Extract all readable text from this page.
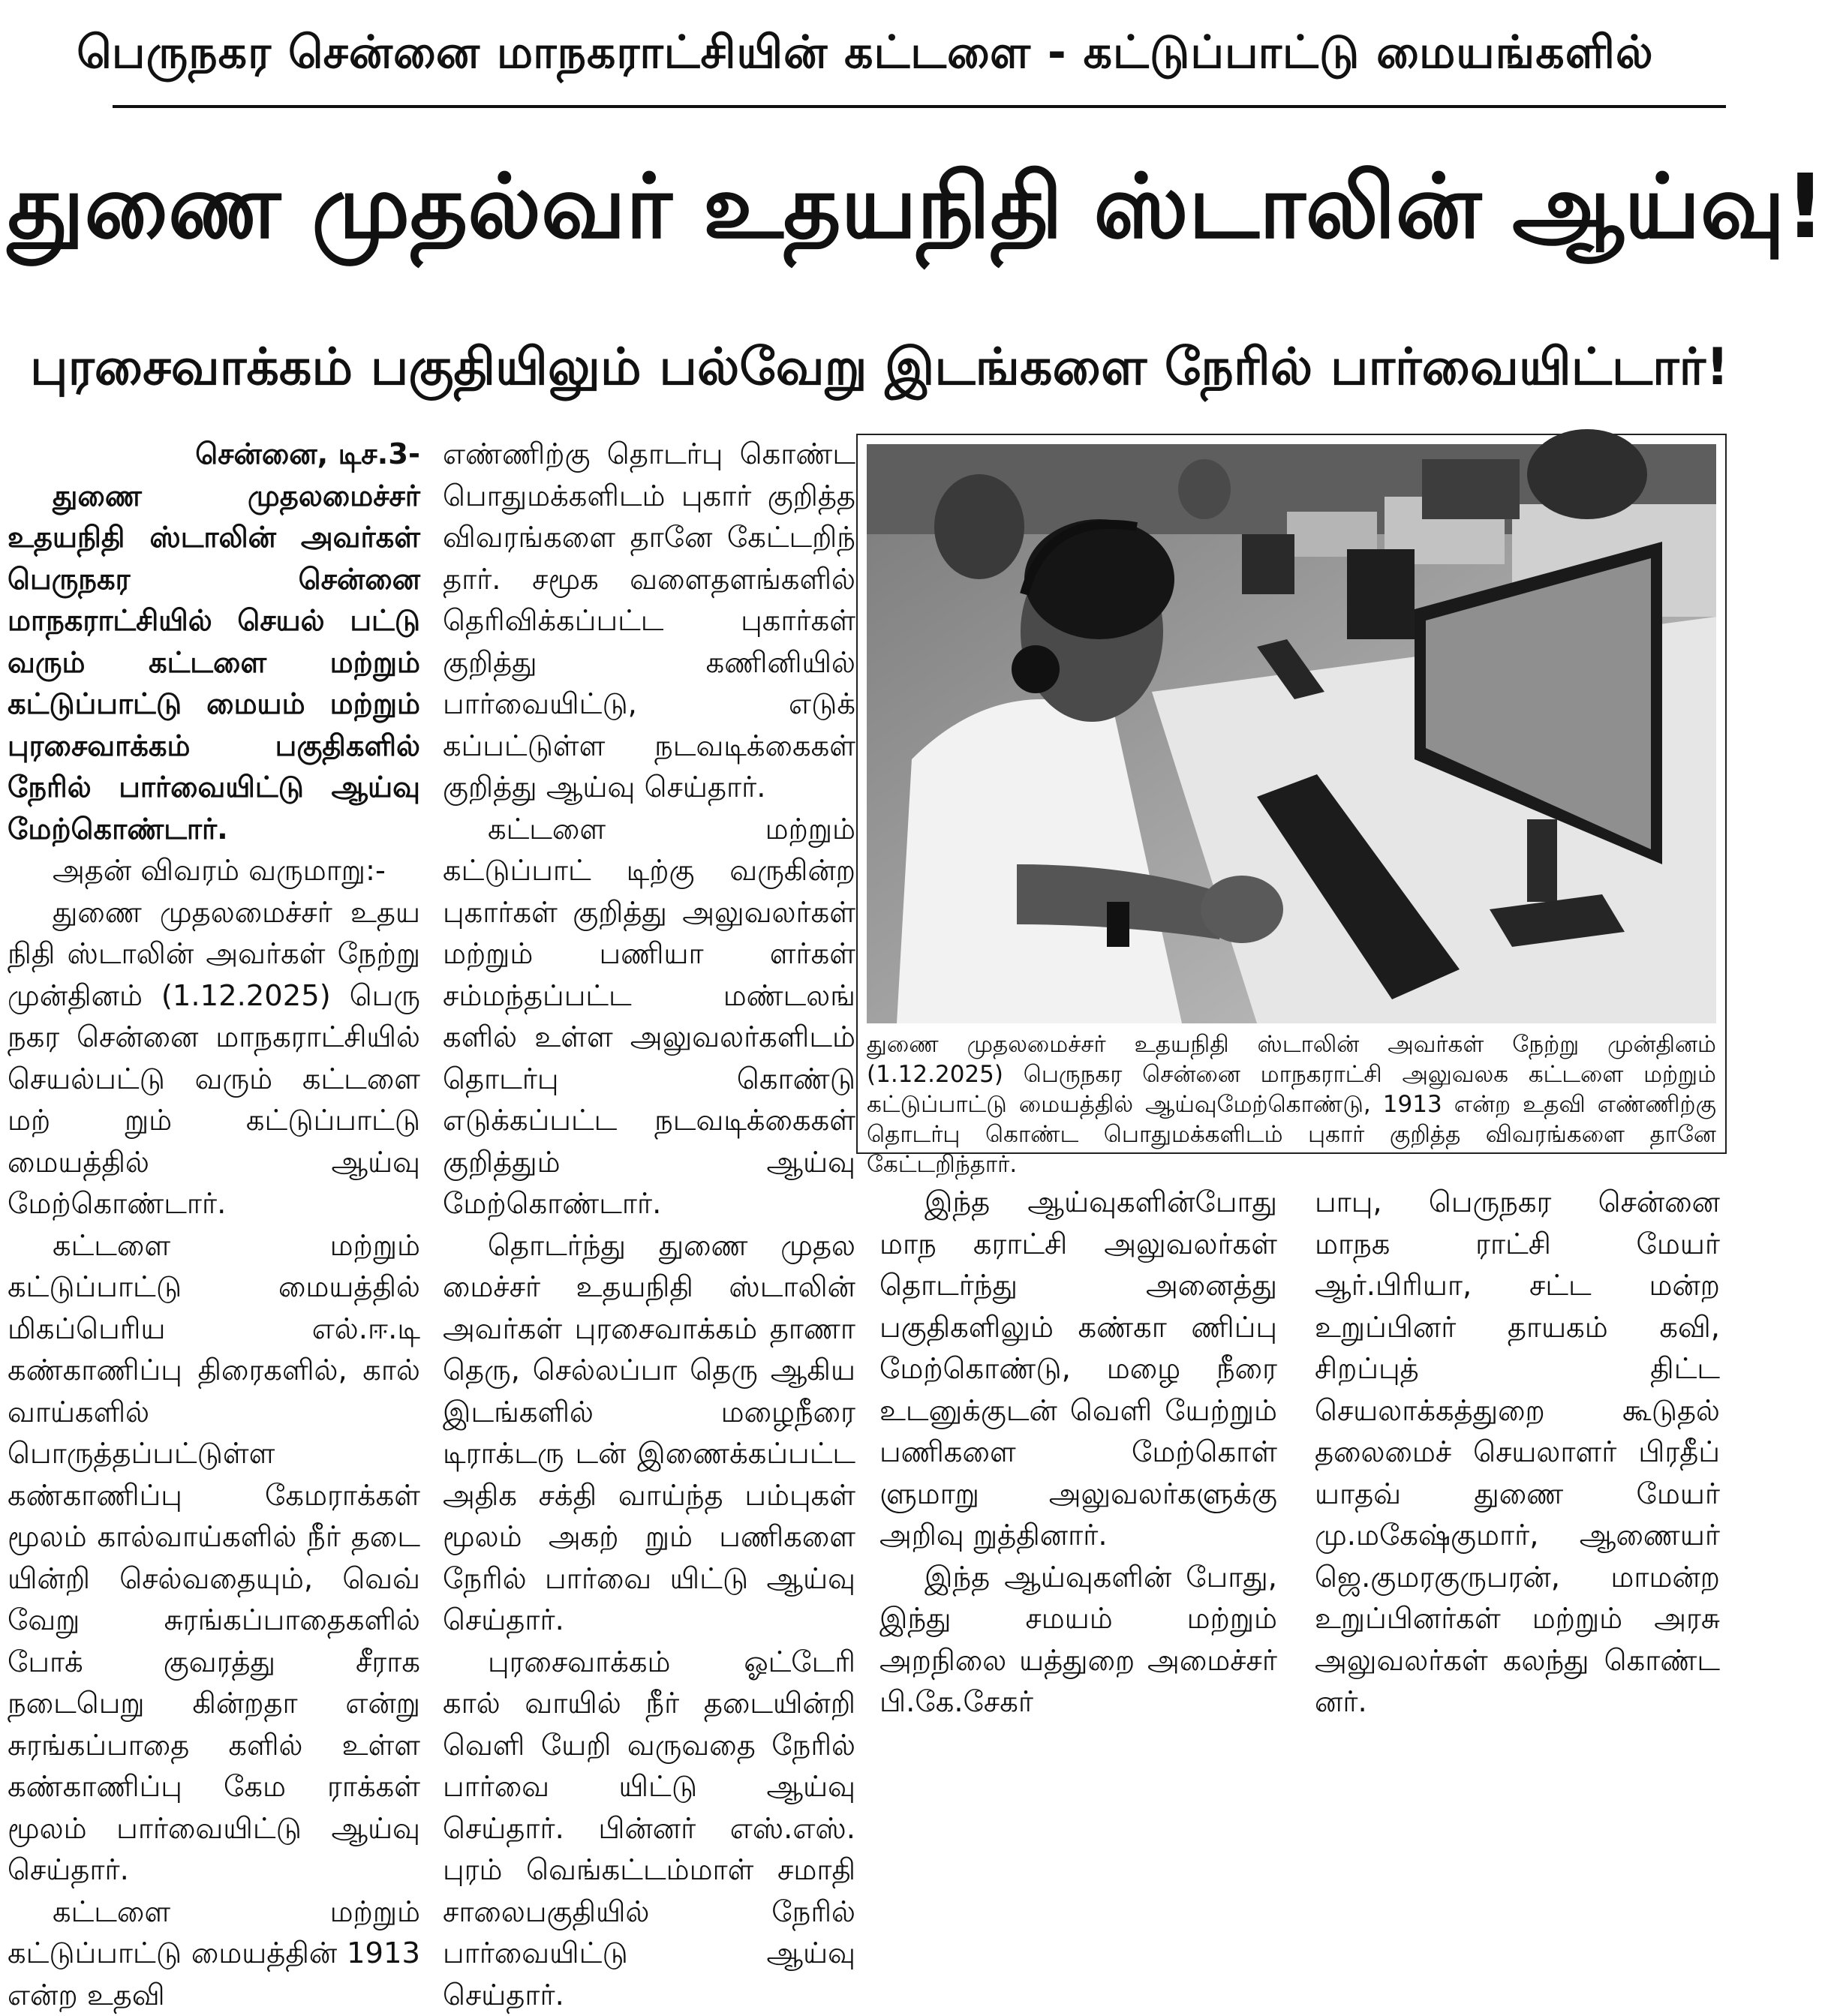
பெருநகர சென்னை மாநகராட்சியின் கட்டளை - கட்டுப்பாட்டு மையங்களில்
துணை முதல்வர் உதயநிதி ஸ்டாலின் ஆய்வு!
புரசைவாக்கம் பகுதியிலும் பல்வேறு இடங்களை நேரில் பார்வையிட்டார்!

சென்னை, டிச.3-

துணை முதலமைச்சர் உதயநிதி ஸ்டாலின் அவர்கள் பெருநகர சென்னை மாநகராட்சியில் செயல் பட்டு வரும் கட்டளை மற்றும் கட்டுப்பாட்டு மையம் மற்றும் புரசைவாக்கம் பகுதிகளில் நேரில் பார்வையிட்டு ஆய்வு மேற்கொண்டார்.

அதன் விவரம் வருமாறு:-

துணை முதலமைச்சர் உதய நிதி ஸ்டாலின் அவர்கள் நேற்று முன்தினம் (1.12.2025) பெரு நகர சென்னை மாநகராட்சியில் செயல்பட்டு வரும் கட்டளை மற் றும் கட்டுப்பாட்டு மையத்தில் ஆய்வு மேற்கொண்டார்.

கட்டளை மற்றும் கட்டுப்பாட்டு மையத்தில் மிகப்பெரிய எல்.ஈ.டி கண்காணிப்பு திரைகளில், கால் வாய்களில் பொருத்தப்பட்டுள்ள கண்காணிப்பு கேமராக்கள் மூலம் கால்வாய்களில் நீர் தடை யின்றி செல்வதையும், வெவ் வேறு சுரங்கப்பாதைகளில் போக் குவரத்து சீராக நடைபெறு கின்றதா என்று சுரங்கப்பாதை களில் உள்ள கண்காணிப்பு கேம ராக்கள் மூலம் பார்வையிட்டு ஆய்வு செய்தார்.

கட்டளை மற்றும் கட்டுப்பாட்டு மையத்தின் 1913 என்ற உதவி

எண்ணிற்கு தொடர்பு கொண்ட பொதுமக்களிடம் புகார் குறித்த விவரங்களை தானே கேட்டறிந் தார். சமூக வளைதளங்களில் தெரிவிக்கப்பட்ட புகார்கள் குறித்து கணினியில் பார்வையிட்டு, எடுக் கப்பட்டுள்ள நடவடிக்கைகள் குறித்து ஆய்வு செய்தார்.

கட்டளை மற்றும் கட்டுப்பாட் டிற்கு வருகின்ற புகார்கள் குறித்து அலுவலர்கள் மற்றும் பணியா ளர்கள் சம்மந்தப்பட்ட மண்டலங் களில் உள்ள அலுவலர்களிடம் தொடர்பு கொண்டு எடுக்கப்பட்ட நடவடிக்கைகள் குறித்தும் ஆய்வு மேற்கொண்டார்.

தொடர்ந்து துணை முதல மைச்சர் உதயநிதி ஸ்டாலின் அவர்கள் புரசைவாக்கம் தாணா தெரு, செல்லப்பா தெரு ஆகிய இடங்களில் மழைநீரை டிராக்டரு டன் இணைக்கப்பட்ட அதிக சக்தி வாய்ந்த பம்புகள் மூலம் அகற் றும் பணிகளை நேரில் பார்வை யிட்டு ஆய்வு செய்தார்.

புரசைவாக்கம் ஓட்டேரி கால் வாயில் நீர் தடையின்றி வெளி யேறி வருவதை நேரில் பார்வை யிட்டு ஆய்வு செய்தார். பின்னர் எஸ்.எஸ். புரம் வெங்கட்டம்மாள் சமாதி சாலைபகுதியில் நேரில் பார்வையிட்டு ஆய்வு செய்தார்.

துணை முதலமைச்சர் உதயநிதி ஸ்டாலின் அவர்கள் நேற்று முன்தினம் (1.12.2025) பெருநகர சென்னை மாநகராட்சி அலுவலக கட்டளை மற்றும் கட்டுப்பாட்டு மையத்தில் ஆய்வுமேற்கொண்டு, 1913 என்ற உதவி எண்ணிற்கு தொடர்பு கொண்ட பொதுமக்களிடம் புகார் குறித்த விவரங்களை தானே கேட்டறிந்தார்.

இந்த ஆய்வுகளின்போது மாந கராட்சி அலுவலர்கள் தொடர்ந்து அனைத்து பகுதிகளிலும் கண்கா ணிப்பு மேற்கொண்டு, மழை நீரை உடனுக்குடன் வெளி யேற்றும் பணிகளை மேற்கொள் ளுமாறு அலுவலர்களுக்கு அறிவு றுத்தினார்.

இந்த ஆய்வுகளின் போது, இந்து சமயம் மற்றும் அறநிலை யத்துறை அமைச்சர் பி.கே.சேகர்

பாபு, பெருநகர சென்னை மாநக ராட்சி மேயர் ஆர்.பிரியா, சட்ட மன்ற உறுப்பினர் தாயகம் கவி, சிறப்புத் திட்ட செயலாக்கத்துறை கூடுதல் தலைமைச் செயலாளர் பிரதீப் யாதவ் துணை மேயர் மு.மகேஷ்குமார், ஆணையர் ஜெ.குமரகுருபரன், மாமன்ற உறுப்பினர்கள் மற்றும் அரசு அலுவலர்கள் கலந்து கொண்ட னர்.
